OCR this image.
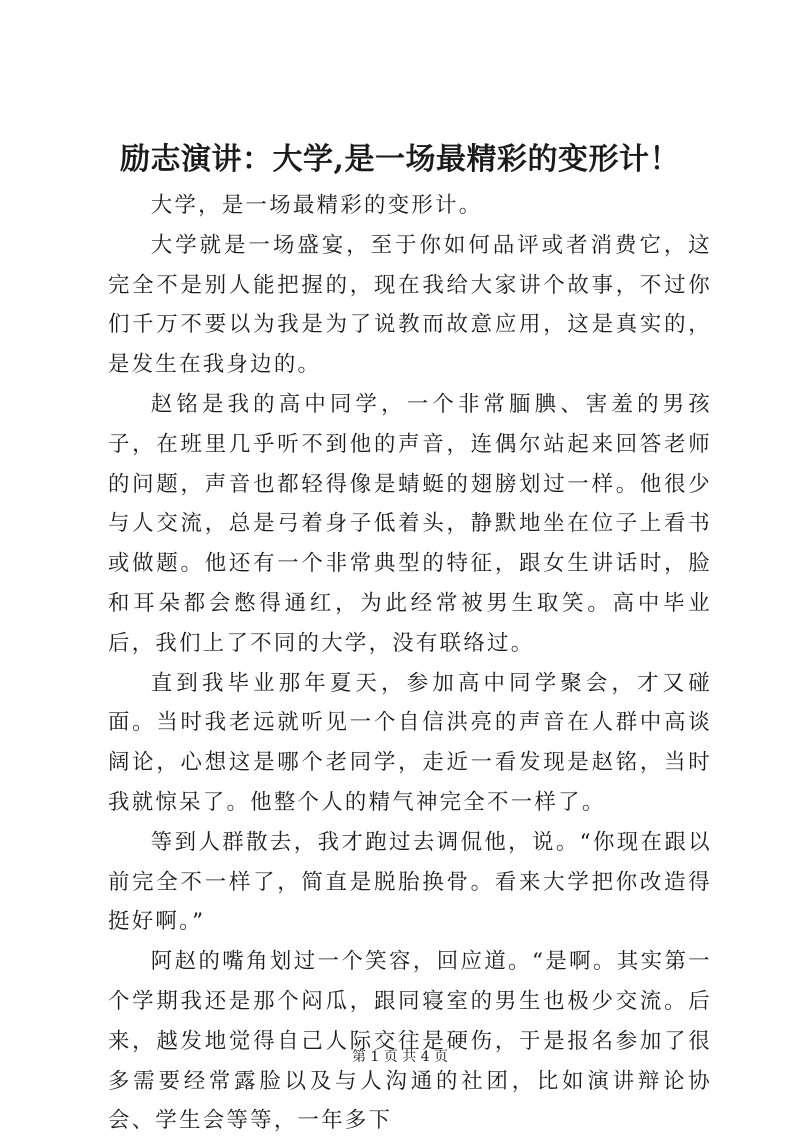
励志演讲：大学,是一场最精彩的变形计！

大学，是一场最精彩的变形计。

大学就是一场盛宴，至于你如何品评或者消费它，这完全不是别人能把握的，现在我给大家讲个故事，不过你们千万不要以为我是为了说教而故意应用，这是真实的，是发生在我身边的。

赵铭是我的高中同学，一个非常腼腆、害羞的男孩子，在班里几乎听不到他的声音，连偶尔站起来回答老师的问题，声音也都轻得像是蜻蜓的翅膀划过一样。他很少与人交流，总是弓着身子低着头，静默地坐在位子上看书或做题。他还有一个非常典型的特征，跟女生讲话时，脸和耳朵都会憋得通红，为此经常被男生取笑。高中毕业后，我们上了不同的大学，没有联络过。

直到我毕业那年夏天，参加高中同学聚会，才又碰面。当时我老远就听见一个自信洪亮的声音在人群中高谈阔论，心想这是哪个老同学，走近一看发现是赵铭，当时我就惊呆了。他整个人的精气神完全不一样了。

等到人群散去，我才跑过去调侃他，说。“你现在跟以前完全不一样了，简直是脱胎换骨。看来大学把你改造得挺好啊。”

阿赵的嘴角划过一个笑容，回应道。“是啊。其实第一个学期我还是那个闷瓜，跟同寝室的男生也极少交流。后来，越发地觉得自己人际交往是硬伤，于是报名参加了很多需要经常露脸以及与人沟通的社团，比如演讲辩论协会、学生会等等，一年多下

第 1 页 共 4 页
